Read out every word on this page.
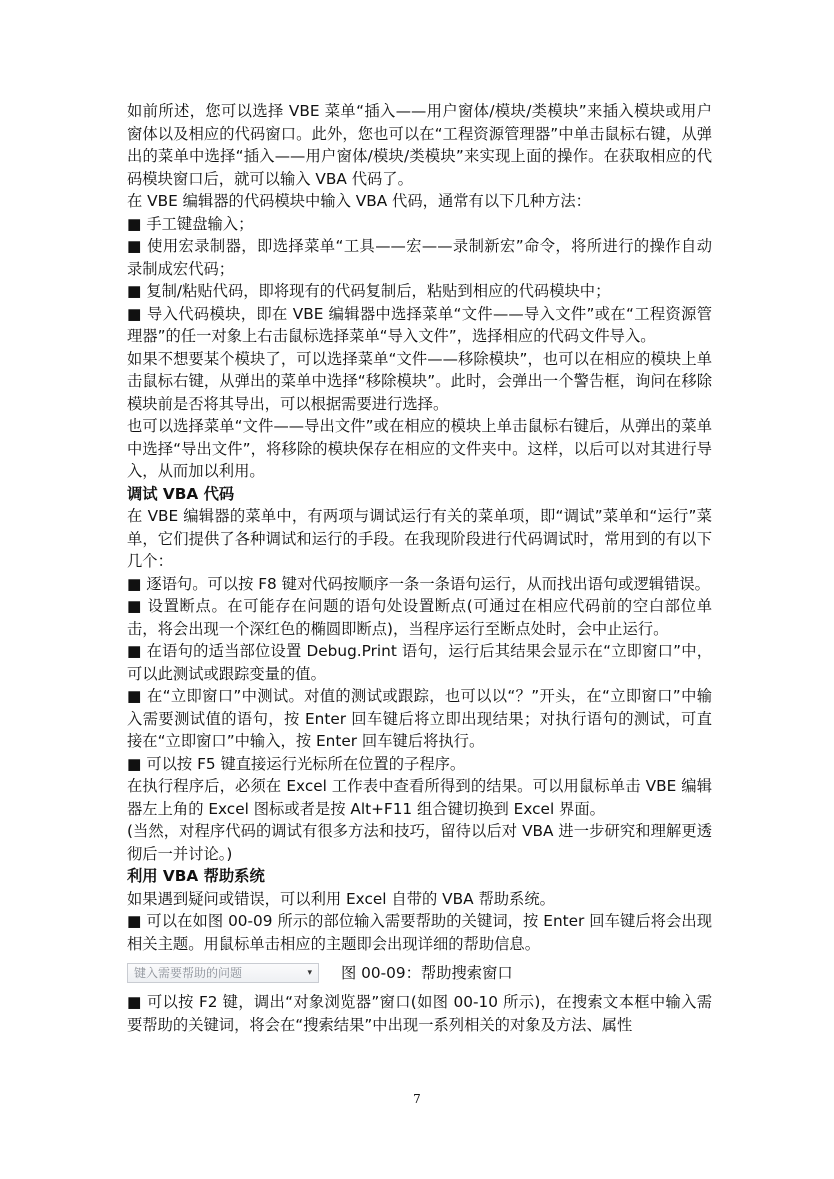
如前所述，您可以选择 VBE 菜单“插入——用户窗体/模块/类模块”来插入模块或用户窗体以及相应的代码窗口。此外，您也可以在“工程资源管理器”中单击鼠标右键，从弹出的菜单中选择“插入——用户窗体/模块/类模块”来实现上面的操作。在获取相应的代码模块窗口后，就可以输入 VBA 代码了。

在 VBE 编辑器的代码模块中输入 VBA 代码，通常有以下几种方法：

■ 手工键盘输入；

■ 使用宏录制器，即选择菜单“工具——宏——录制新宏”命令，将所进行的操作自动录制成宏代码；

■ 复制/粘贴代码，即将现有的代码复制后，粘贴到相应的代码模块中；

■ 导入代码模块，即在 VBE 编辑器中选择菜单“文件——导入文件”或在“工程资源管理器”的任一对象上右击鼠标选择菜单“导入文件”，选择相应的代码文件导入。

如果不想要某个模块了，可以选择菜单“文件——移除模块”，也可以在相应的模块上单击鼠标右键，从弹出的菜单中选择“移除模块”。此时，会弹出一个警告框，询问在移除模块前是否将其导出，可以根据需要进行选择。

也可以选择菜单“文件——导出文件”或在相应的模块上单击鼠标右键后，从弹出的菜单中选择“导出文件”，将移除的模块保存在相应的文件夹中。这样，以后可以对其进行导入，从而加以利用。

调试 VBA 代码

在 VBE 编辑器的菜单中，有两项与调试运行有关的菜单项，即“调试”菜单和“运行”菜单，它们提供了各种调试和运行的手段。在我现阶段进行代码调试时，常用到的有以下几个：

■ 逐语句。可以按 F8 键对代码按顺序一条一条语句运行，从而找出语句或逻辑错误。

■ 设置断点。在可能存在问题的语句处设置断点(可通过在相应代码前的空白部位单击，将会出现一个深红色的椭圆即断点)，当程序运行至断点处时，会中止运行。

■ 在语句的适当部位设置 Debug.Print 语句，运行后其结果会显示在“立即窗口”中，可以此测试或跟踪变量的值。

■ 在“立即窗口”中测试。对值的测试或跟踪，也可以以“？”开头，在“立即窗口”中输入需要测试值的语句，按 Enter 回车键后将立即出现结果；对执行语句的测试，可直接在“立即窗口”中输入，按 Enter 回车键后将执行。

■ 可以按 F5 键直接运行光标所在位置的子程序。

在执行程序后，必须在 Excel 工作表中查看所得到的结果。可以用鼠标单击 VBE 编辑器左上角的 Excel 图标或者是按 Alt+F11 组合键切换到 Excel 界面。

(当然，对程序代码的调试有很多方法和技巧，留待以后对 VBA 进一步研究和理解更透彻后一并讨论。)

利用 VBA 帮助系统

如果遇到疑问或错误，可以利用 Excel 自带的 VBA 帮助系统。

■ 可以在如图 00-09 所示的部位输入需要帮助的关键词，按 Enter 回车键后将会出现相关主题。用鼠标单击相应的主题即会出现详细的帮助信息。

键入需要帮助的问题	▾ 图 00-09：帮助搜索窗口

■ 可以按 F2 键，调出“对象浏览器”窗口(如图 00-10 所示)，在搜索文本框中输入需要帮助的关键词，将会在“搜索结果”中出现一系列相关的对象及方法、属性

7
